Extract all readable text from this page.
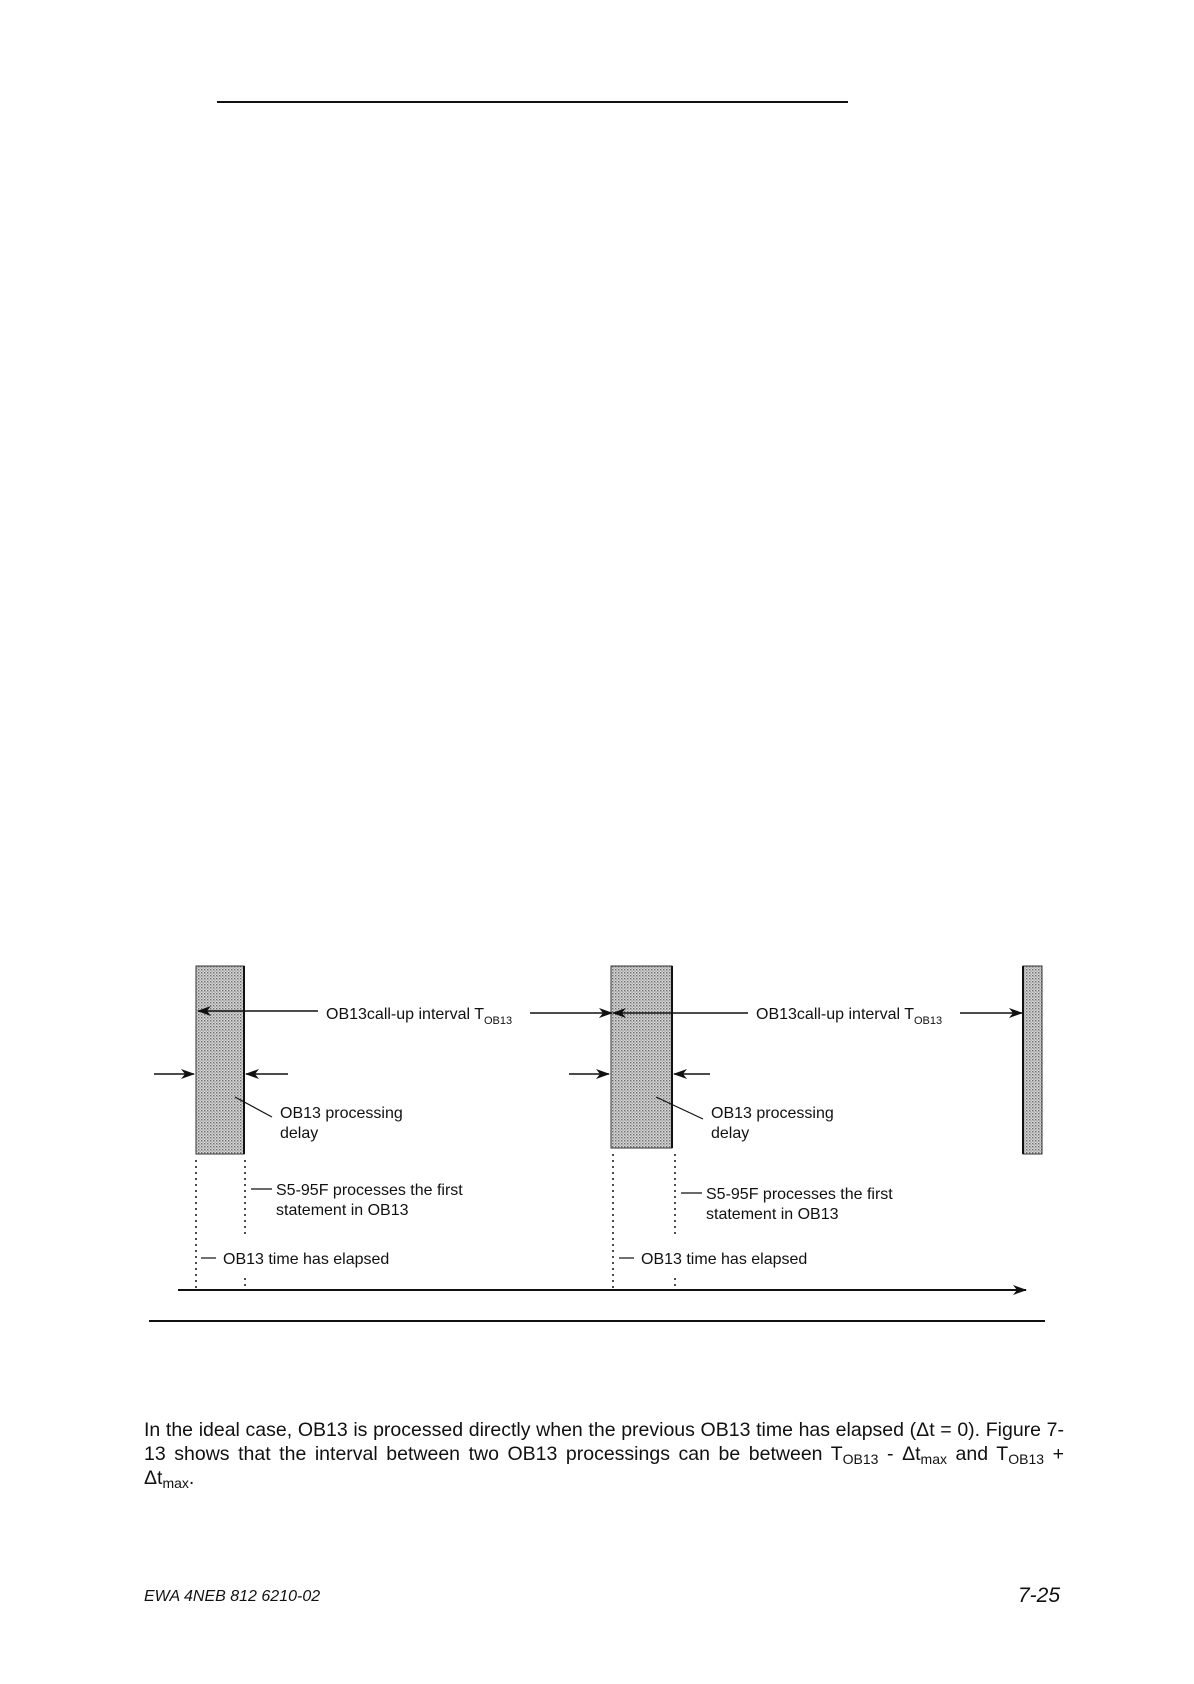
OB13call-up interval $T_{OB13}$	OB13call-up interval $T_{OB13}$
OB13 processing delay
OB13 processing delay
S5-95F processes the first statement in OB13
S5-95F processes the first statement in OB13
OB13 time has elapsed	OB13 time has elapsed

In the ideal case, OB13 is processed directly when the previous OB13 time has elapsed (Δt = 0). Figure 7-13 shows that the interval between two OB13 processings can be between $T_{OB13} - \Delta t_{max}$ and $T_{OB13} + \Delta t_{max}$.

EWA 4NEB 812 6210-02	7-25
